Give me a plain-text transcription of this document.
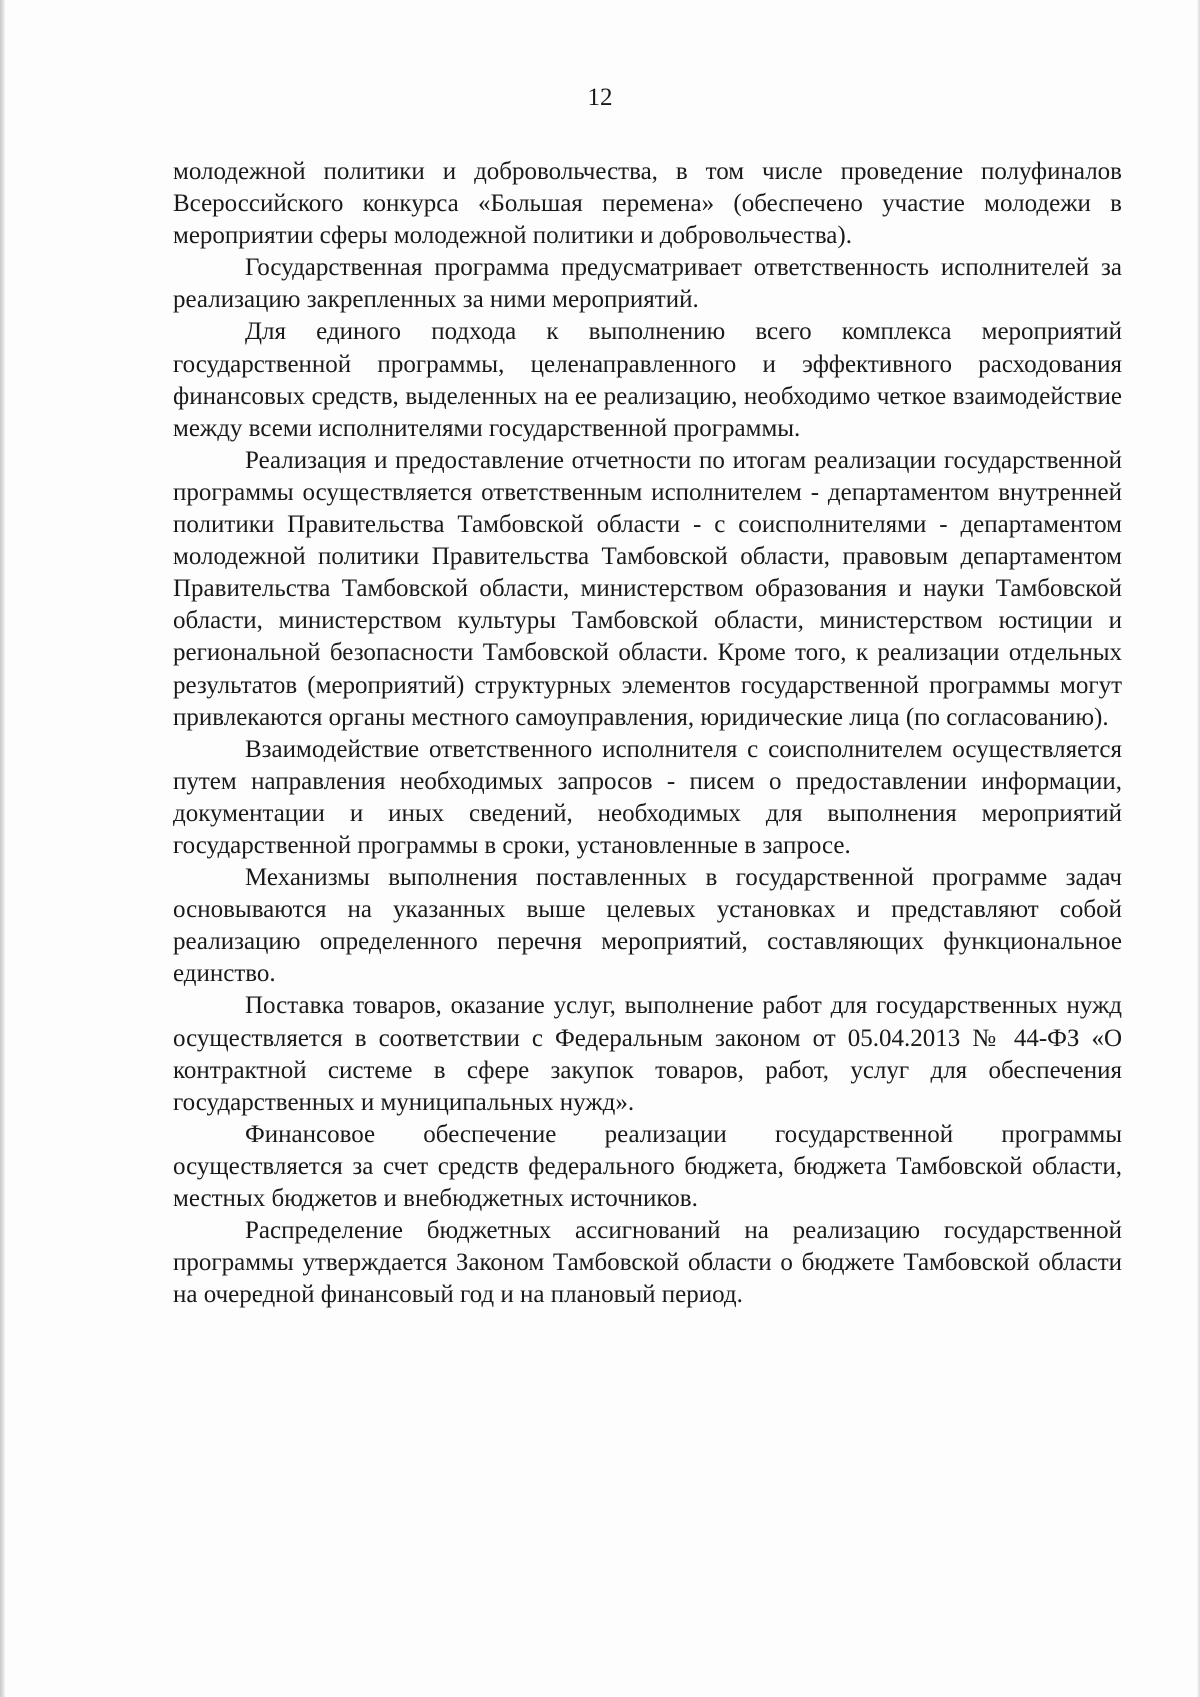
12

молодежной политики и добровольчества, в том числе проведение полуфиналов Всероссийского конкурса «Большая перемена» (обеспечено участие молодежи в мероприятии сферы молодежной политики и добровольчества).

Государственная программа предусматривает ответственность исполнителей за реализацию закрепленных за ними мероприятий.

Для единого подхода к выполнению всего комплекса мероприятий государственной программы, целенаправленного и эффективного расходования финансовых средств, выделенных на ее реализацию, необходимо четкое взаимодействие между всеми исполнителями государственной программы.

Реализация и предоставление отчетности по итогам реализации государственной программы осуществляется ответственным исполнителем - департаментом внутренней политики Правительства Тамбовской области - с соисполнителями - департаментом молодежной политики Правительства Тамбовской области, правовым департаментом Правительства Тамбовской области, министерством образования и науки Тамбовской области, министерством культуры Тамбовской области, министерством юстиции и региональной безопасности Тамбовской области. Кроме того, к реализации отдельных результатов (мероприятий) структурных элементов государственной программы могут привлекаются органы местного самоуправления, юридические лица (по согласованию).

Взаимодействие ответственного исполнителя с соисполнителем осуществляется путем направления необходимых запросов - писем о предоставлении информации, документации и иных сведений, необходимых для выполнения мероприятий государственной программы в сроки, установленные в запросе.

Механизмы выполнения поставленных в государственной программе задач основываются на указанных выше целевых установках и представляют собой реализацию определенного перечня мероприятий, составляющих функциональное единство.

Поставка товаров, оказание услуг, выполнение работ для государственных нужд осуществляется в соответствии с Федеральным законом от 05.04.2013 № 44-ФЗ «О контрактной системе в сфере закупок товаров, работ, услуг для обеспечения государственных и муниципальных нужд».

Финансовое обеспечение реализации государственной программы осуществляется за счет средств федерального бюджета, бюджета Тамбовской области, местных бюджетов и внебюджетных источников.

Распределение бюджетных ассигнований на реализацию государственной программы утверждается Законом Тамбовской области о бюджете Тамбовской области на очередной финансовый год и на плановый период.
